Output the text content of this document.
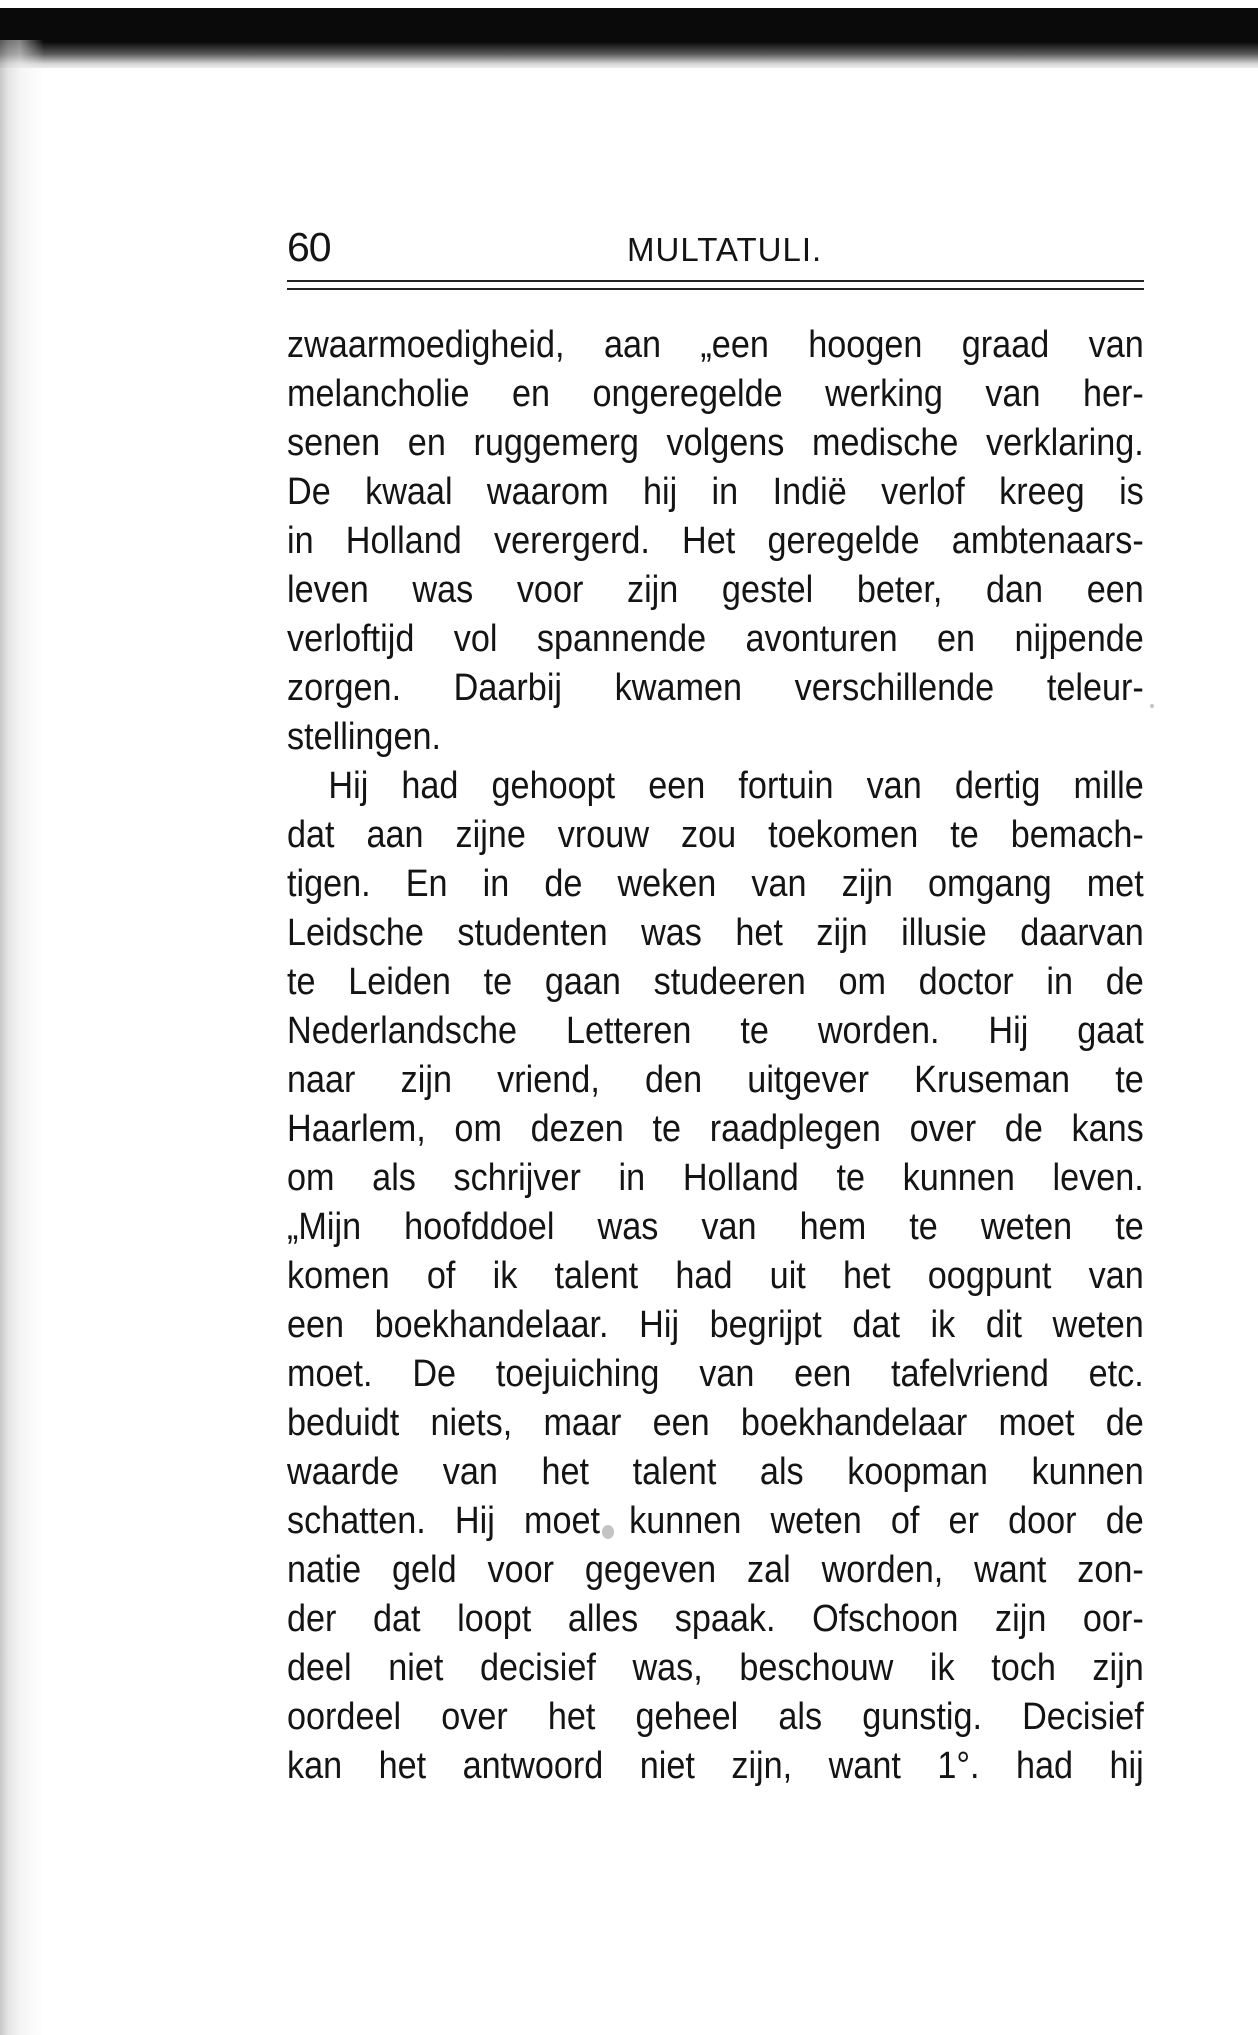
60	MULTATULI.
zwaarmoedigheid, aan „een hoogen graad van
melancholie en ongeregelde werking van her-
senen en ruggemerg volgens medische verklaring.
De kwaal waarom hij in Indië verlof kreeg is
in Holland verergerd. Het geregelde ambtenaars-
leven was voor zijn gestel beter, dan een
verloftijd vol spannende avonturen en nijpende
zorgen. Daarbij kwamen verschillende teleur-
stellingen.
Hij had gehoopt een fortuin van dertig mille
dat aan zijne vrouw zou toekomen te bemach-
tigen. En in de weken van zijn omgang met
Leidsche studenten was het zijn illusie daarvan
te Leiden te gaan studeeren om doctor in de
Nederlandsche Letteren te worden. Hij gaat
naar zijn vriend, den uitgever Kruseman te
Haarlem, om dezen te raadplegen over de kans
om als schrijver in Holland te kunnen leven.
„Mijn hoofddoel was van hem te weten te
komen of ik talent had uit het oogpunt van
een boekhandelaar. Hij begrijpt dat ik dit weten
moet. De toejuiching van een tafelvriend etc.
beduidt niets, maar een boekhandelaar moet de
waarde van het talent als koopman kunnen
schatten. Hij moet kunnen weten of er door de
natie geld voor gegeven zal worden, want zon-
der dat loopt alles spaak. Ofschoon zijn oor-
deel niet decisief was, beschouw ik toch zijn
oordeel over het geheel als gunstig. Decisief
kan het antwoord niet zijn, want 1°. had hij
